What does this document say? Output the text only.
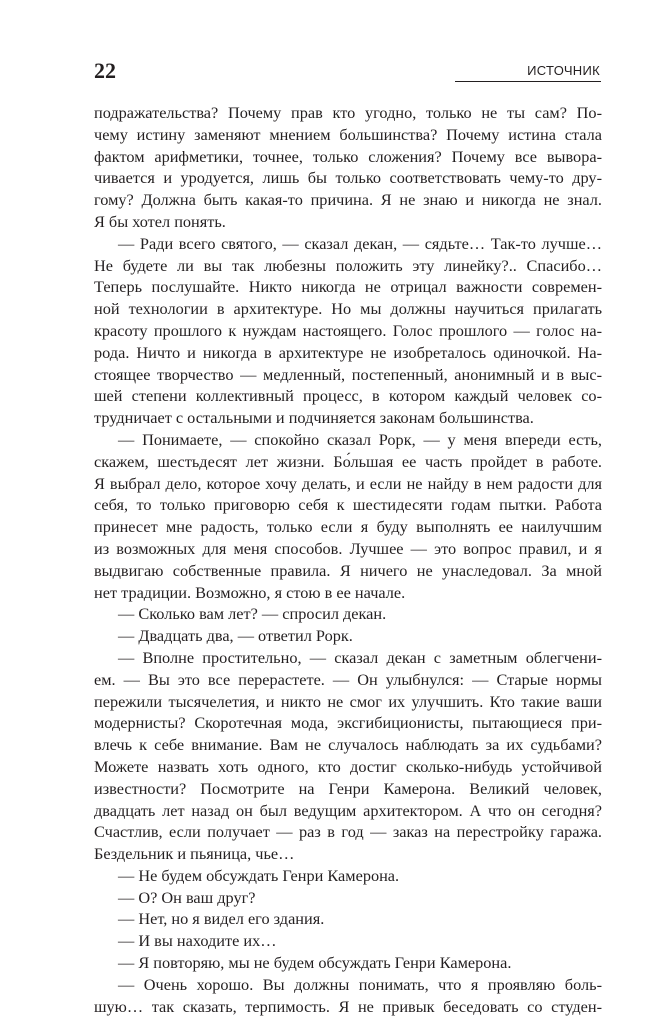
22	ИСТОЧНИК
подражательства? Почему прав кто угодно, только не ты сам? По-
чему истину заменяют мнением большинства? Почему истина стала
фактом арифметики, точнее, только сложения? Почему все вывора-
чивается и уродуется, лишь бы только соответствовать чему-то дру-
гому? Должна быть какая-то причина. Я не знаю и никогда не знал.
Я бы хотел понять.
— Ради всего святого, — сказал декан, — сядьте… Так-то лучше…
Не будете ли вы так любезны положить эту линейку?.. Спасибо…
Теперь послушайте. Никто никогда не отрицал важности современ-
ной технологии в архитектуре. Но мы должны научиться прилагать
красоту прошлого к нуждам настоящего. Голос прошлого — голос на-
рода. Ничто и никогда в архитектуре не изобреталось одиночкой. На-
стоящее творчество — медленный, постепенный, анонимный и в выс-
шей степени коллективный процесс, в котором каждый человек со-
трудничает с остальными и подчиняется законам большинства.
— Понимаете, — спокойно сказал Рорк, — у меня впереди есть,
скажем, шестьдесят лет жизни. Бо́льшая ее часть пройдет в работе.
Я выбрал дело, которое хочу делать, и если не найду в нем радости для
себя, то только приговорю себя к шестидесяти годам пытки. Работа
принесет мне радость, только если я буду выполнять ее наилучшим
из возможных для меня способов. Лучшее — это вопрос правил, и я
выдвигаю собственные правила. Я ничего не унаследовал. За мной
нет традиции. Возможно, я стою в ее начале.
— Сколько вам лет? — спросил декан.
— Двадцать два, — ответил Рорк.
— Вполне простительно, — сказал декан с заметным облегчени-
ем. — Вы это все перерастете. — Он улыбнулся: — Старые нормы
пережили тысячелетия, и никто не смог их улучшить. Кто такие ваши
модернисты? Скоротечная мода, эксгибиционисты, пытающиеся при-
влечь к себе внимание. Вам не случалось наблюдать за их судьбами?
Можете назвать хоть одного, кто достиг сколько-нибудь устойчивой
известности? Посмотрите на Генри Камерона. Великий человек,
двадцать лет назад он был ведущим архитектором. А что он сегодня?
Счастлив, если получает — раз в год — заказ на перестройку гаража.
Бездельник и пьяница, чье…
— Не будем обсуждать Генри Камерона.
— О? Он ваш друг?
— Нет, но я видел его здания.
— И вы находите их…
— Я повторяю, мы не будем обсуждать Генри Камерона.
— Очень хорошо. Вы должны понимать, что я проявляю боль-
шую… так сказать, терпимость. Я не привык беседовать со студен-
